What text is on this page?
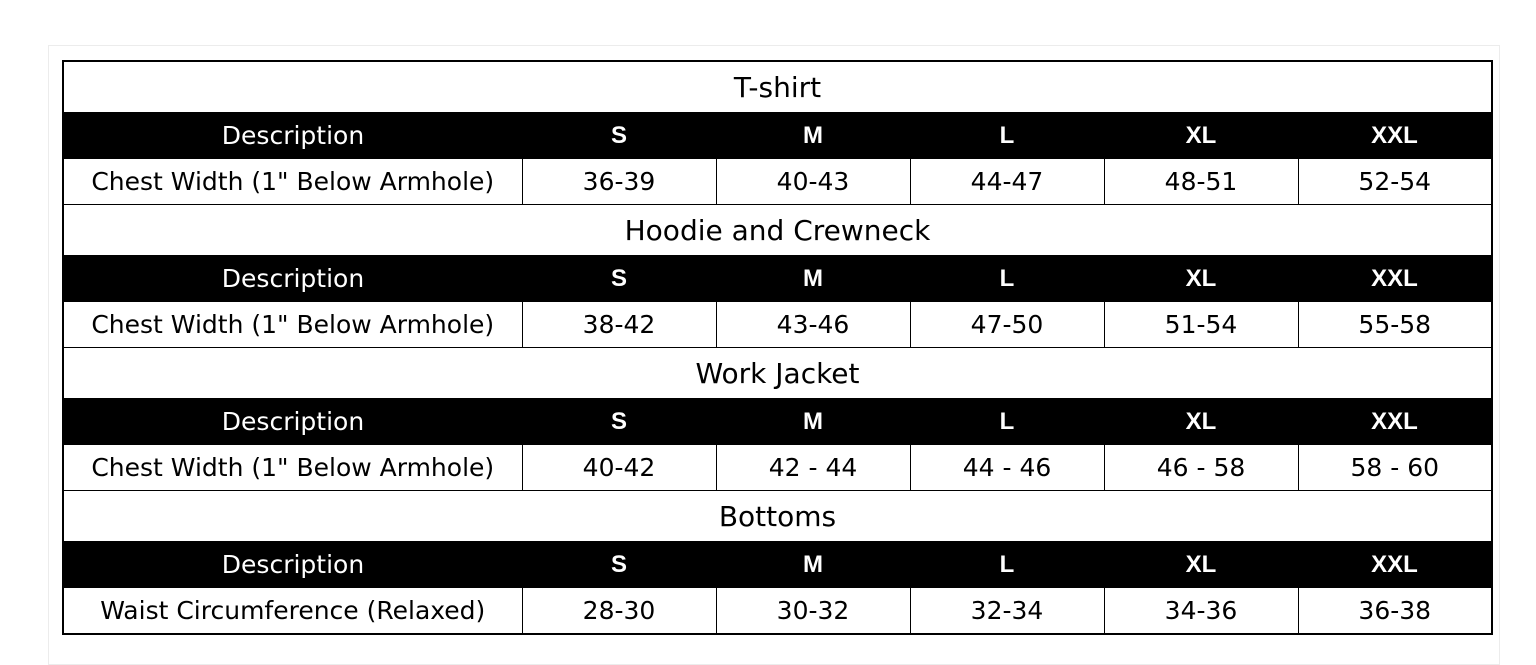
T-shirt					
Description	S	M	L	XL	XXL
Chest Width (1" Below Armhole)	36-39	40-43	44-47	48-51	52-54
Hoodie and Crewneck					
Description	S	M	L	XL	XXL
Chest Width (1" Below Armhole)	38-42	43-46	47-50	51-54	55-58
Work Jacket					
Description	S	M	L	XL	XXL
Chest Width (1" Below Armhole)	40-42	42 - 44	44 - 46	46 - 58	58 - 60
Bottoms					
Description	S	M	L	XL	XXL
Waist Circumference (Relaxed)	28-30	30-32	32-34	34-36	36-38
